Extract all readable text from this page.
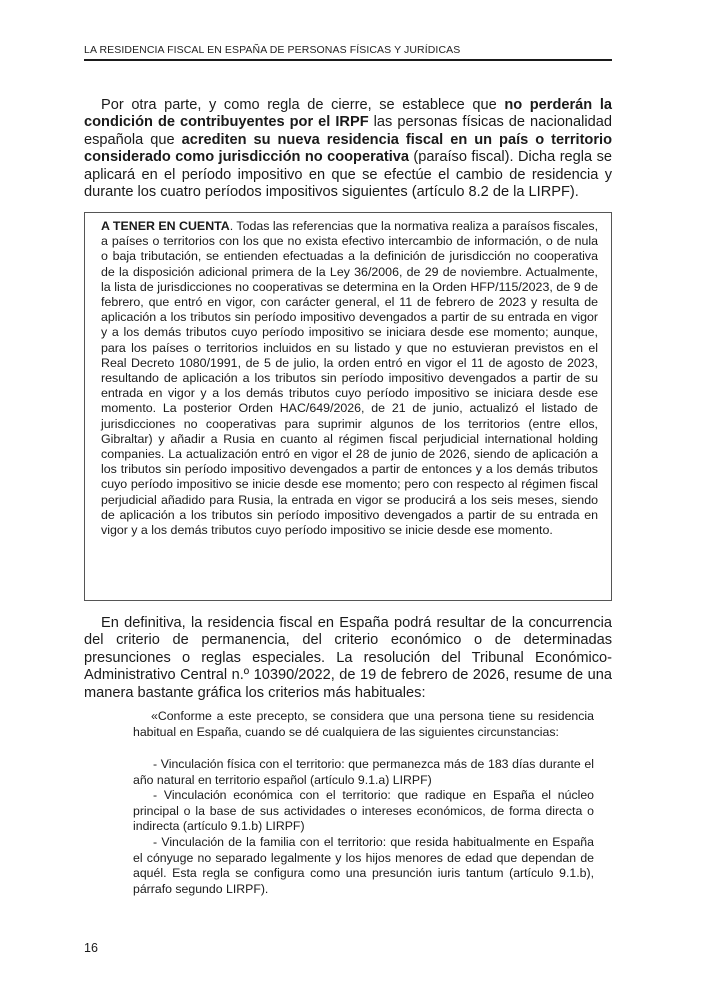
LA RESIDENCIA FISCAL EN ESPAÑA DE PERSONAS FÍSICAS Y JURÍDICAS

Por otra parte, y como regla de cierre, se establece que no perderán la condición de contribuyentes por el IRPF las personas físicas de nacionalidad española que acrediten su nueva residencia fiscal en un país o territorio considerado como jurisdicción no cooperativa (paraíso fiscal). Dicha regla se aplicará en el período impositivo en que se efectúe el cambio de residencia y durante los cuatro períodos impositivos siguientes (artículo 8.2 de la LIRPF).

A TENER EN CUENTA. Todas las referencias que la normativa realiza a paraísos fiscales, a países o territorios con los que no exista efectivo intercambio de información, o de nula o baja tributación, se entienden efectuadas a la definición de jurisdicción no cooperativa de la disposición adicional primera de la Ley 36/2006, de 29 de noviembre. Actualmente, la lista de jurisdicciones no cooperativas se determina en la Orden HFP/115/2023, de 9 de febrero, que entró en vigor, con carácter general, el 11 de febrero de 2023 y resulta de aplicación a los tributos sin período impositivo devengados a partir de su entrada en vigor y a los demás tributos cuyo período impositivo se iniciara desde ese momento; aunque, para los países o territorios incluidos en su listado y que no estuvieran previstos en el Real Decreto 1080/1991, de 5 de julio, la orden entró en vigor el 11 de agosto de 2023, resultando de aplicación a los tributos sin período impositivo devengados a partir de su entrada en vigor y a los demás tributos cuyo período impositivo se iniciara desde ese momento. La posterior Orden HAC/649/2026, de 21 de junio, actualizó el listado de jurisdicciones no cooperativas para suprimir algunos de los territorios (entre ellos, Gibraltar) y añadir a Rusia en cuanto al régimen fiscal perjudicial international holding companies. La actualización entró en vigor el 28 de junio de 2026, siendo de aplicación a los tributos sin período impositivo devengados a partir de entonces y a los demás tributos cuyo período impositivo se inicie desde ese momento; pero con respecto al régimen fiscal perjudicial añadido para Rusia, la entrada en vigor se producirá a los seis meses, siendo de aplicación a los tributos sin período impositivo devengados a partir de su entrada en vigor y a los demás tributos cuyo período impositivo se inicie desde ese momento.

En definitiva, la residencia fiscal en España podrá resultar de la concurrencia del criterio de permanencia, del criterio económico o de determinadas presunciones o reglas especiales. La resolución del Tribunal Económico-Administrativo Central n.º 10390/2022, de 19 de febrero de 2026, resume de una manera bastante gráfica los criterios más habituales:

«Conforme a este precepto, se considera que una persona tiene su residencia habitual en España, cuando se dé cualquiera de las siguientes circunstancias:

- Vinculación física con el territorio: que permanezca más de 183 días durante el año natural en territorio español (artículo 9.1.a) LIRPF)

- Vinculación económica con el territorio: que radique en España el núcleo principal o la base de sus actividades o intereses económicos, de forma directa o indirecta (artículo 9.1.b) LIRPF)

- Vinculación de la familia con el territorio: que resida habitualmente en España el cónyuge no separado legalmente y los hijos menores de edad que dependan de aquél. Esta regla se configura como una presunción iuris tantum (artículo 9.1.b), párrafo segundo LIRPF).

16
